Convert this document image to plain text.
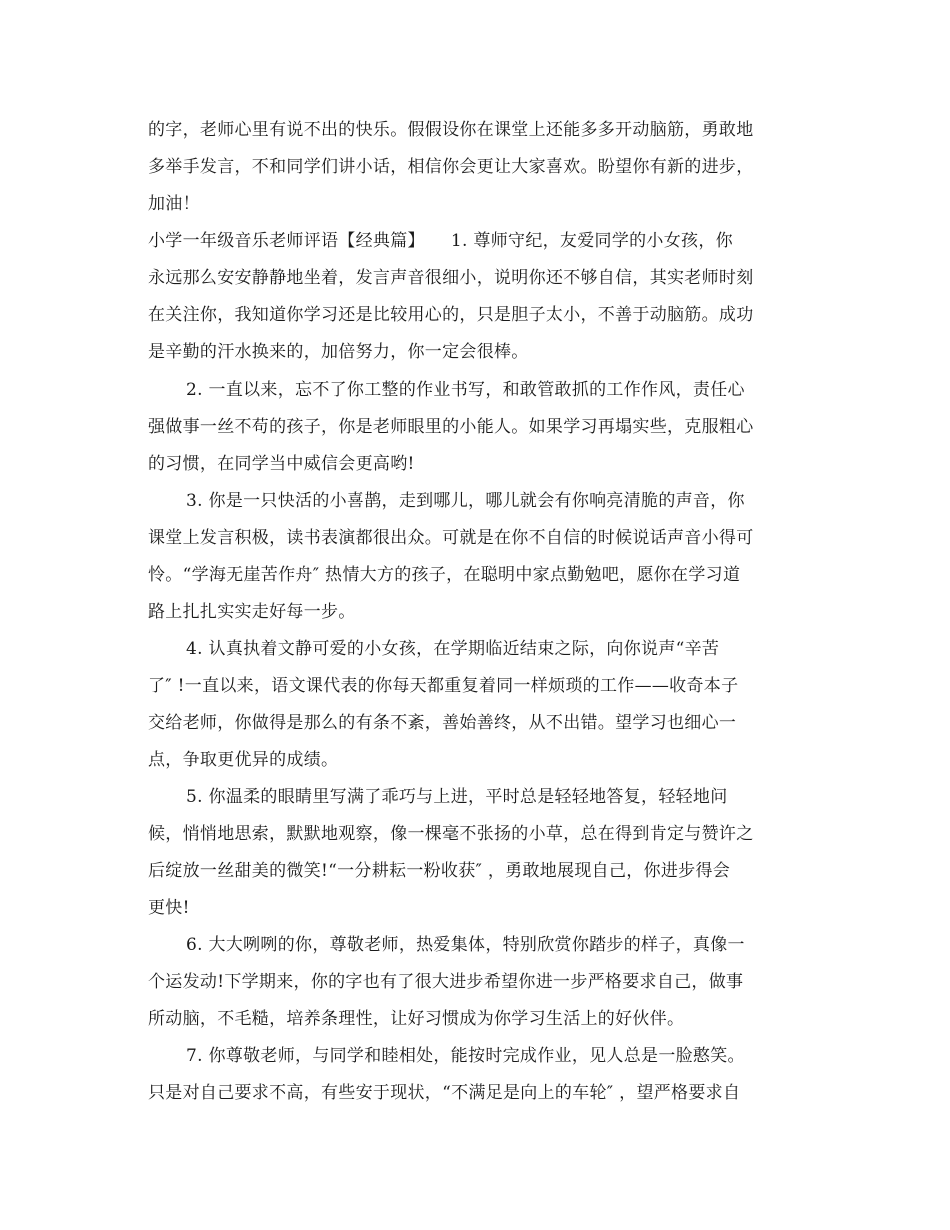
的字，老师心里有说不出的快乐。假假设你在课堂上还能多多开动脑筋，勇敢地

多举手发言，不和同学们讲小话，相信你会更让大家喜欢。盼望你有新的进步，

加油！

小学一年级音乐老师评语【经典篇】　　1. 尊师守纪，友爱同学的小女孩，你

永远那么安安静静地坐着，发言声音很细小，说明你还不够自信，其实老师时刻

在关注你，我知道你学习还是比较用心的，只是胆子太小，不善于动脑筋。成功

是辛勤的汗水换来的，加倍努力，你一定会很棒。

2. 一直以来，忘不了你工整的作业书写，和敢管敢抓的工作作风，责任心

强做事一丝不苟的孩子，你是老师眼里的小能人。如果学习再塌实些，克服粗心

的习惯，在同学当中威信会更高哟!

3. 你是一只快活的小喜鹊，走到哪儿，哪儿就会有你响亮清脆的声音，你

课堂上发言积极，读书表演都很出众。可就是在你不自信的时候说话声音小得可

怜。“学海无崖苦作舟″ 热情大方的孩子，在聪明中家点勤勉吧，愿你在学习道

路上扎扎实实走好每一步。

4. 认真执着文静可爱的小女孩，在学期临近结束之际，向你说声“辛苦

了″ !一直以来，语文课代表的你每天都重复着同一样烦琐的工作——收奇本子

交给老师，你做得是那么的有条不紊，善始善终，从不出错。望学习也细心一

点，争取更优异的成绩。

5. 你温柔的眼睛里写满了乖巧与上进，平时总是轻轻地答复，轻轻地问

候，悄悄地思索，默默地观察，像一棵毫不张扬的小草，总在得到肯定与赞许之

后绽放一丝甜美的微笑!“一分耕耘一粉收获″ ，勇敢地展现自己，你进步得会

更快!

6. 大大咧咧的你，尊敬老师，热爱集体，特别欣赏你踏步的样子，真像一

个运发动!下学期来，你的字也有了很大进步希望你进一步严格要求自己，做事

所动脑，不毛糙，培养条理性，让好习惯成为你学习生活上的好伙伴。

7. 你尊敬老师，与同学和睦相处，能按时完成作业，见人总是一脸憨笑。

只是对自己要求不高，有些安于现状，“不满足是向上的车轮″ ，望严格要求自
